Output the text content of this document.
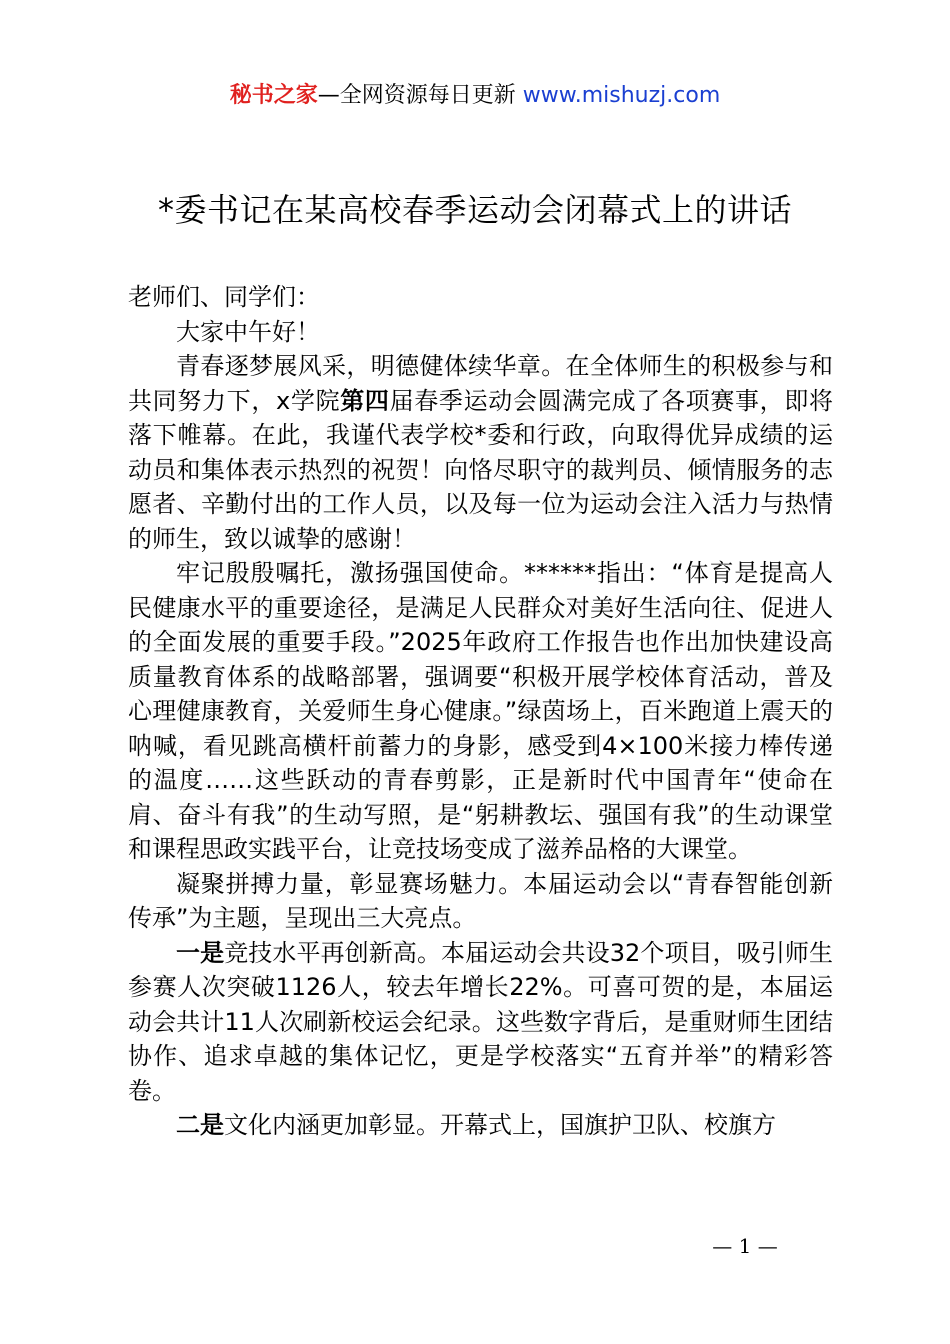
秘书之家—全网资源每日更新 www.mishuzj.com
*委书记在某高校春季运动会闭幕式上的讲话

老师们、同学们：

大家中午好！

青春逐梦展风采，明德健体续华章。在全体师生的积极参与和共同努力下，x学院第四届春季运动会圆满完成了各项赛事，即将落下帷幕。在此，我谨代表学校*委和行政，向取得优异成绩的运动员和集体表示热烈的祝贺！向恪尽职守的裁判员、倾情服务的志愿者、辛勤付出的工作人员，以及每一位为运动会注入活力与热情的师生，致以诚挚的感谢！

牢记殷殷嘱托，激扬强国使命。******指出：“体育是提高人民健康水平的重要途径，是满足人民群众对美好生活向往、促进人的全面发展的重要手段。”2025年政府工作报告也作出加快建设高质量教育体系的战略部署，强调要“积极开展学校体育活动，普及心理健康教育，关爱师生身心健康。”绿茵场上，百米跑道上震天的呐喊，看见跳高横杆前蓄力的身影，感受到4×100米接力棒传递的温度……这些跃动的青春剪影，正是新时代中国青年“使命在肩、奋斗有我”的生动写照，是“躬耕教坛、强国有我”的生动课堂和课程思政实践平台，让竞技场变成了滋养品格的大课堂。

凝聚拼搏力量，彰显赛场魅力。本届运动会以“青春智能创新传承”为主题，呈现出三大亮点。

一是竞技水平再创新高。本届运动会共设32个项目，吸引师生参赛人次突破1126人，较去年增长22%。可喜可贺的是，本届运动会共计11人次刷新校运会纪录。这些数字背后，是重财师生团结协作、追求卓越的集体记忆，更是学校落实“五育并举”的精彩答卷。

二是文化内涵更加彰显。开幕式上，国旗护卫队、校旗方

— 1 —
